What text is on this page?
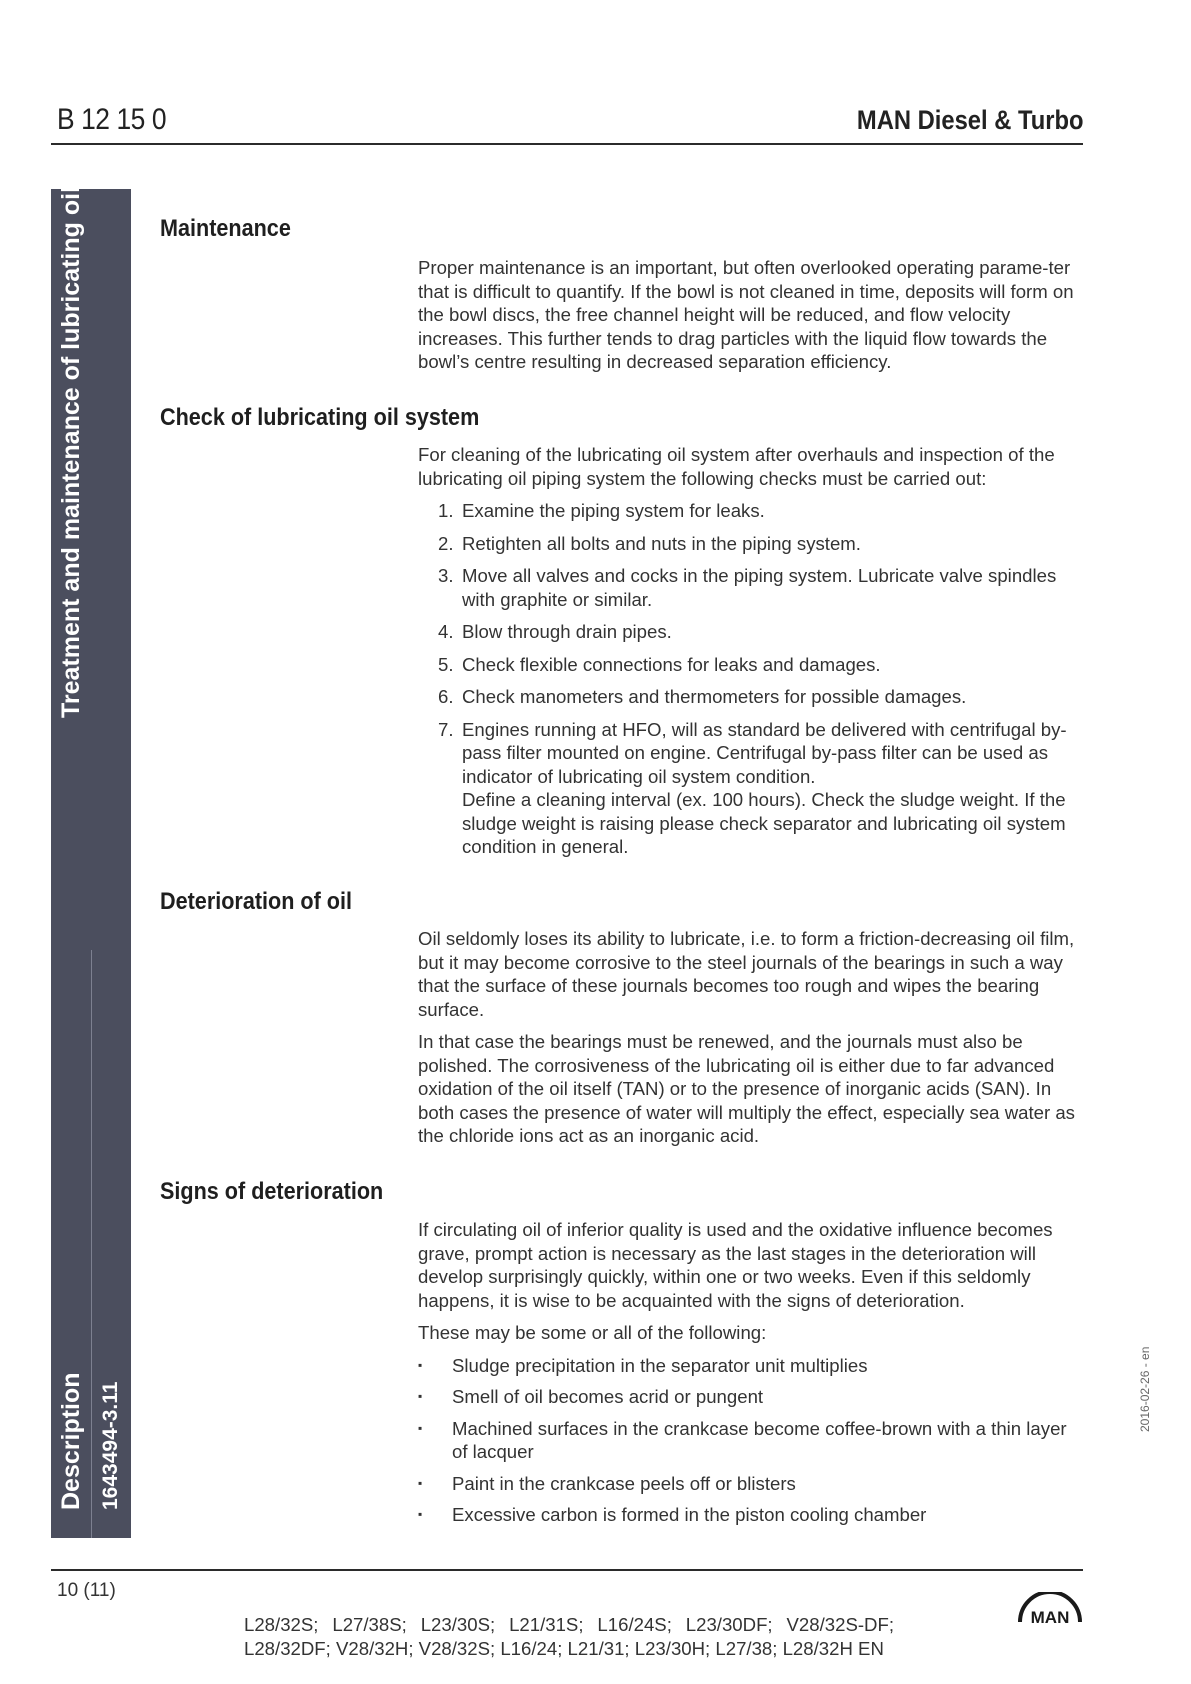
B 12 15 0	MAN Diesel & Turbo
Treatment and maintenance of lubricating oil
Description 1643494-3.11
Maintenance

Proper maintenance is an important, but often overlooked operating parame-ter that is difficult to quantify. If the bowl is not cleaned in time, deposits will form on the bowl discs, the free channel height will be reduced, and flow velocity increases. This further tends to drag particles with the liquid flow towards the bowl’s centre resulting in decreased separation efficiency.

Check of lubricating oil system

For cleaning of the lubricating oil system after overhauls and inspection of the lubricating oil piping system the following checks must be carried out:

1. Examine the piping system for leaks.
2. Retighten all bolts and nuts in the piping system.
3. Move all valves and cocks in the piping system. Lubricate valve spindles with graphite or similar.
4. Blow through drain pipes.
5. Check flexible connections for leaks and damages.
6. Check manometers and thermometers for possible damages.
7. Engines running at HFO, will as standard be delivered with centrifugal by-pass filter mounted on engine. Centrifugal by-pass filter can be used as indicator of lubricating oil system condition.
Define a cleaning interval (ex. 100 hours). Check the sludge weight. If the sludge weight is raising please check separator and lubricating oil system condition in general.
Deterioration of oil

Oil seldomly loses its ability to lubricate, i.e. to form a friction-decreasing oil film, but it may become corrosive to the steel journals of the bearings in such a way that the surface of these journals becomes too rough and wipes the bearing surface.

In that case the bearings must be renewed, and the journals must also be polished. The corrosiveness of the lubricating oil is either due to far advanced oxidation of the oil itself (TAN) or to the presence of inorganic acids (SAN). In both cases the presence of water will multiply the effect, especially sea water as the chloride ions act as an inorganic acid.

Signs of deterioration

If circulating oil of inferior quality is used and the oxidative influence becomes grave, prompt action is necessary as the last stages in the deterioration will develop surprisingly quickly, within one or two weeks. Even if this seldomly happens, it is wise to be acquainted with the signs of deterioration.

These may be some or all of the following:

▪ Sludge precipitation in the separator unit multiplies
▪ Smell of oil becomes acrid or pungent
▪ Machined surfaces in the crankcase become coffee-brown with a thin layer of lacquer
▪ Paint in the crankcase peels off or blisters
▪ Excessive carbon is formed in the piston cooling chamber
2016-02-26 - en
10 (11)
L28/32S; L27/38S; L23/30S; L21/31S; L16/24S; L23/30DF; V28/32S-DF; L28/32DF; V28/32H; V28/32S; L16/24; L21/31; L23/30H; L27/38; L28/32H EN
MAN
